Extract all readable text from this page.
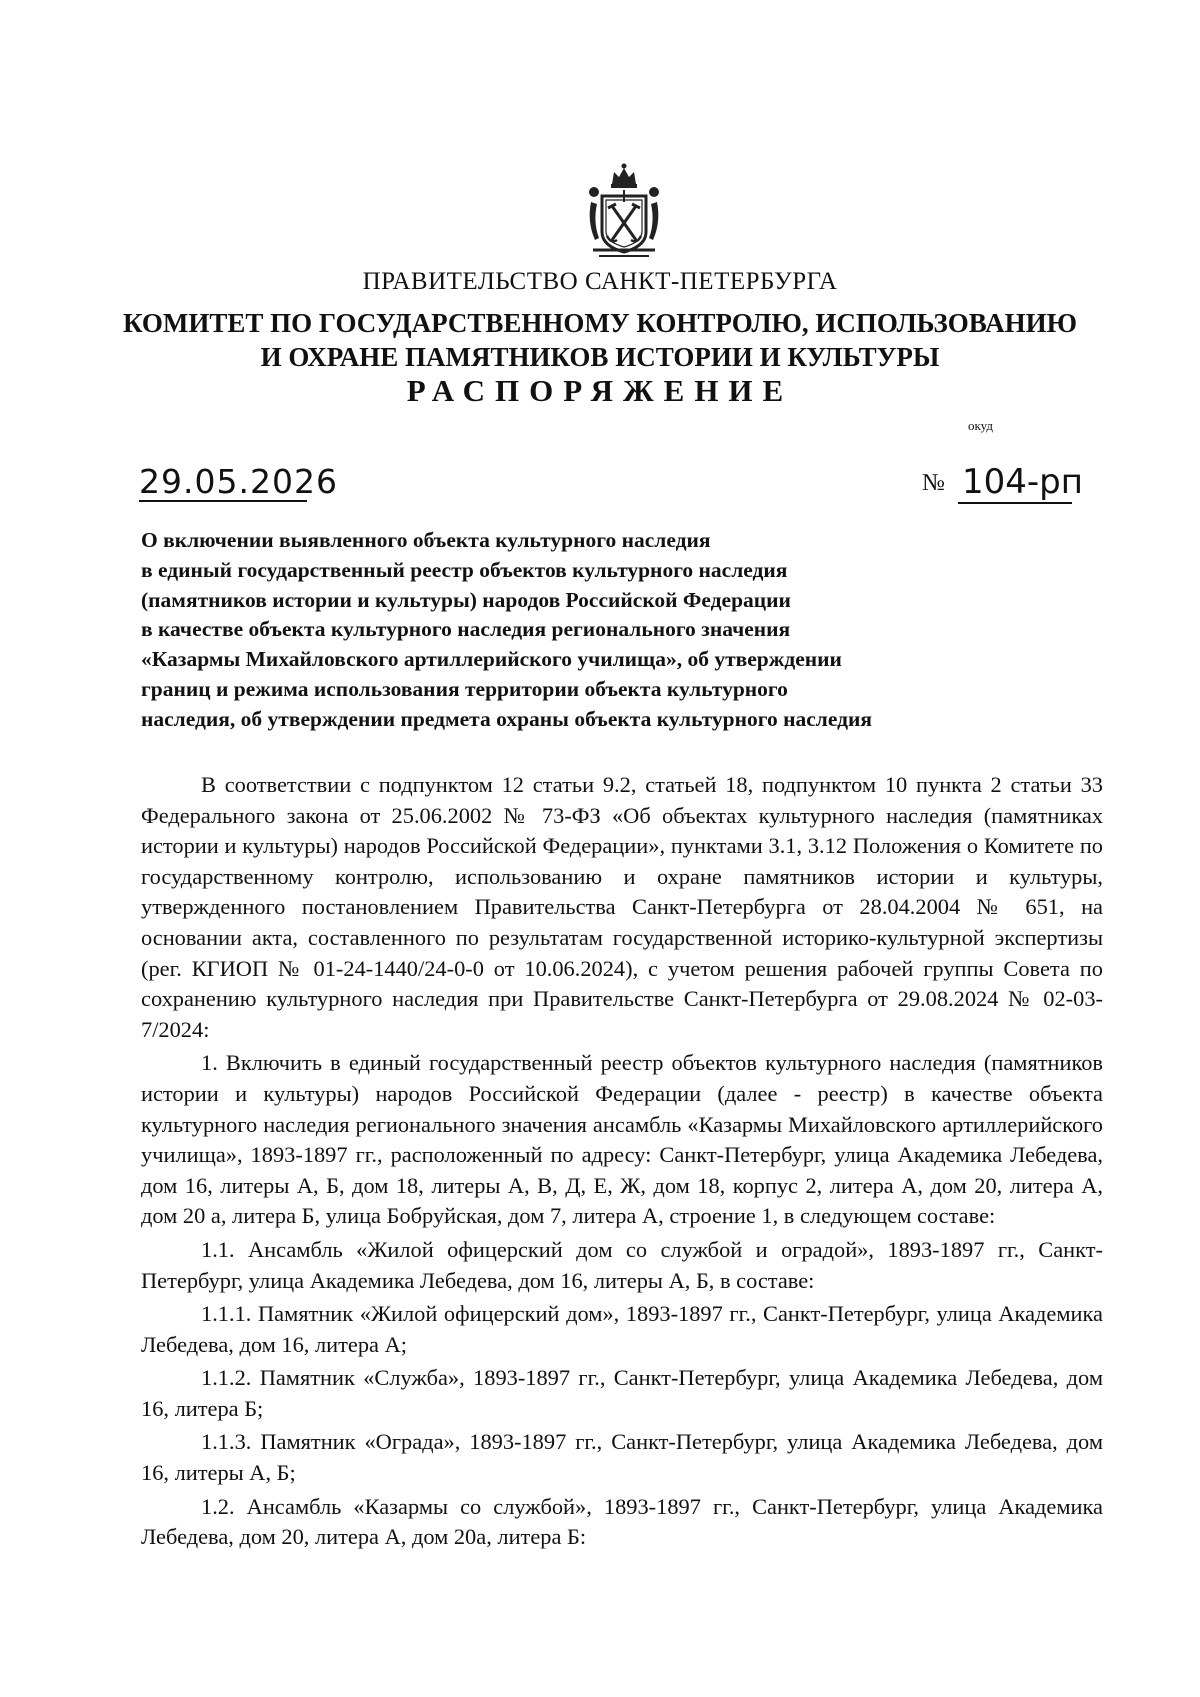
ПРАВИТЕЛЬСТВО САНКТ-ПЕТЕРБУРГА
КОМИТЕТ ПО ГОСУДАРСТВЕННОМУ КОНТРОЛЮ, ИСПОЛЬЗОВАНИЮ
И ОХРАНЕ ПАМЯТНИКОВ ИСТОРИИ И КУЛЬТУРЫ
РАСПОРЯЖЕНИЕ
окуд
29.05.2026	№ 104-рп
О включении выявленного объекта культурного наследия
в единый государственный реестр объектов культурного наследия
(памятников истории и культуры) народов Российской Федерации
в качестве объекта культурного наследия регионального значения
«Казармы Михайловского артиллерийского училища», об утверждении
границ и режима использования территории объекта культурного
наследия, об утверждении предмета охраны объекта культурного наследия

В соответствии с подпунктом 12 статьи 9.2, статьей 18, подпунктом 10 пункта 2 статьи 33 Федерального закона от 25.06.2002 № 73-ФЗ «Об объектах культурного наследия (памятниках истории и культуры) народов Российской Федерации», пунктами 3.1, 3.12 Положения о Комитете по государственному контролю, использованию и охране памятников истории и культуры, утвержденного постановлением Правительства Санкт-Петербурга от 28.04.2004 № 651, на основании акта, составленного по результатам государственной историко-культурной экспертизы (рег. КГИОП № 01-24-1440/24-0-0 от 10.06.2024), с учетом решения рабочей группы Совета по сохранению культурного наследия при Правительстве Санкт-Петербурга от 29.08.2024 № 02-03-7/2024:

1. Включить в единый государственный реестр объектов культурного наследия (памятников истории и культуры) народов Российской Федерации (далее - реестр) в качестве объекта культурного наследия регионального значения ансамбль «Казармы Михайловского артиллерийского училища», 1893-1897 гг., расположенный по адресу: Санкт-Петербург, улица Академика Лебедева, дом 16, литеры А, Б, дом 18, литеры А, В, Д, Е, Ж, дом 18, корпус 2, литера А, дом 20, литера А, дом 20 а, литера Б, улица Бобруйская, дом 7, литера А, строение 1, в следующем составе:

1.1. Ансамбль «Жилой офицерский дом со службой и оградой», 1893-1897 гг., Санкт-Петербург, улица Академика Лебедева, дом 16, литеры А, Б, в составе:

1.1.1. Памятник «Жилой офицерский дом», 1893-1897 гг., Санкт-Петербург, улица Академика Лебедева, дом 16, литера А;

1.1.2. Памятник «Служба», 1893-1897 гг., Санкт-Петербург, улица Академика Лебедева, дом 16, литера Б;

1.1.3. Памятник «Ограда», 1893-1897 гг., Санкт-Петербург, улица Академика Лебедева, дом 16, литеры А, Б;

1.2. Ансамбль «Казармы со службой», 1893-1897 гг., Санкт-Петербург, улица Академика Лебедева, дом 20, литера А, дом 20а, литера Б:
